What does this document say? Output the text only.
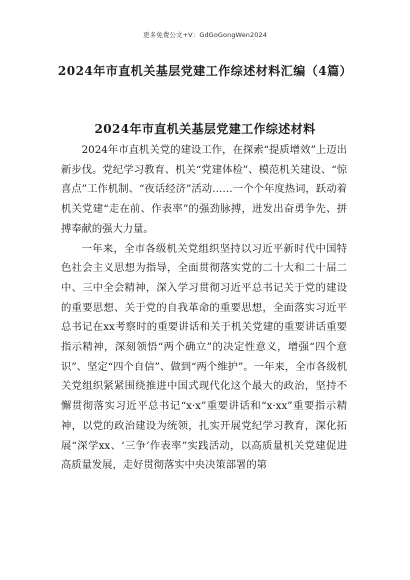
更多免费公文+V：GdGoGongWen2024
2024年市直机关基层党建工作综述材料汇编（4篇）
2024年市直机关基层党建工作综述材料

2024年市直机关党的建设工作，在探索“提质增效”上迈出新步伐。党纪学习教育、机关“党建体检”、模范机关建设、“惊喜点”工作机制、“夜话经济”活动……一个个年度热词，跃动着机关党建“走在前、作表率”的强劲脉搏，迸发出奋勇争先、拼搏奉献的强大力量。

一年来，全市各级机关党组织坚持以习近平新时代中国特色社会主义思想为指导，全面贯彻落实党的二十大和二十届二中、三中全会精神，深入学习贯彻习近平总书记关于党的建设的重要思想、关于党的自我革命的重要思想，全面落实习近平总书记在xx考察时的重要讲话和关于机关党建的重要讲话重要指示精神，深刻领悟“两个确立”的决定性意义，增强“四个意识”、坚定“四个自信”、做到“两个维护”。一年来，全市各级机关党组织紧紧围绕推进中国式现代化这个最大的政治，坚持不懈贯彻落实习近平总书记“x·x”重要讲话和“x·xx”重要指示精神，以党的政治建设为统领，扎实开展党纪学习教育，深化拓展“深学xx、‘三争’作表率”实践活动，以高质量机关党建促进高质量发展，走好贯彻落实中央决策部署的第
